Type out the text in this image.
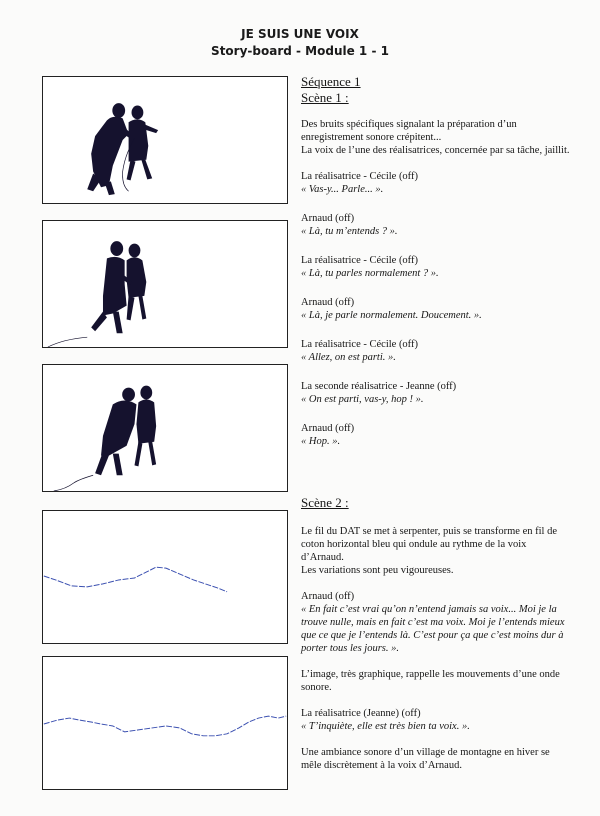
JE SUIS UNE VOIX
Story-board - Module 1 - 1

Séquence 1

Scène 1 :

Des bruits spécifiques signalant la préparation d’un enregistrement sonore crépitent...

La voix de l’une des réalisatrices, concernée par sa tâche, jaillit.

La réalisatrice - Cécile (off)

« Vas-y... Parle... ».

Arnaud (off)

« Là, tu m’entends ? ».

La réalisatrice - Cécile (off)

« Là, tu parles normalement ? ».

Arnaud (off)

« Là, je parle normalement. Doucement. ».

La réalisatrice - Cécile (off)

« Allez, on est parti. ».

La seconde réalisatrice - Jeanne (off)

« On est parti, vas-y, hop ! ».

Arnaud (off)

« Hop. ».

Scène 2 :

Le fil du DAT se met à serpenter, puis se transforme en fil de coton horizontal bleu qui ondule au rythme de la voix d’Arnaud.

Les variations sont peu vigoureuses.

Arnaud (off)

« En fait c’est vrai qu’on n’entend jamais sa voix... Moi je la trouve nulle, mais en fait c’est ma voix. Moi je l’entends mieux que ce que je l’entends là. C’est pour ça que c’est moins dur à porter tous les jours. ».

L’image, très graphique, rappelle les mouvements d’une onde sonore.

La réalisatrice (Jeanne) (off)

« T’inquiète, elle est très bien ta voix. ».

Une ambiance sonore d’un village de montagne en hiver se mêle discrètement à la voix d’Arnaud.
